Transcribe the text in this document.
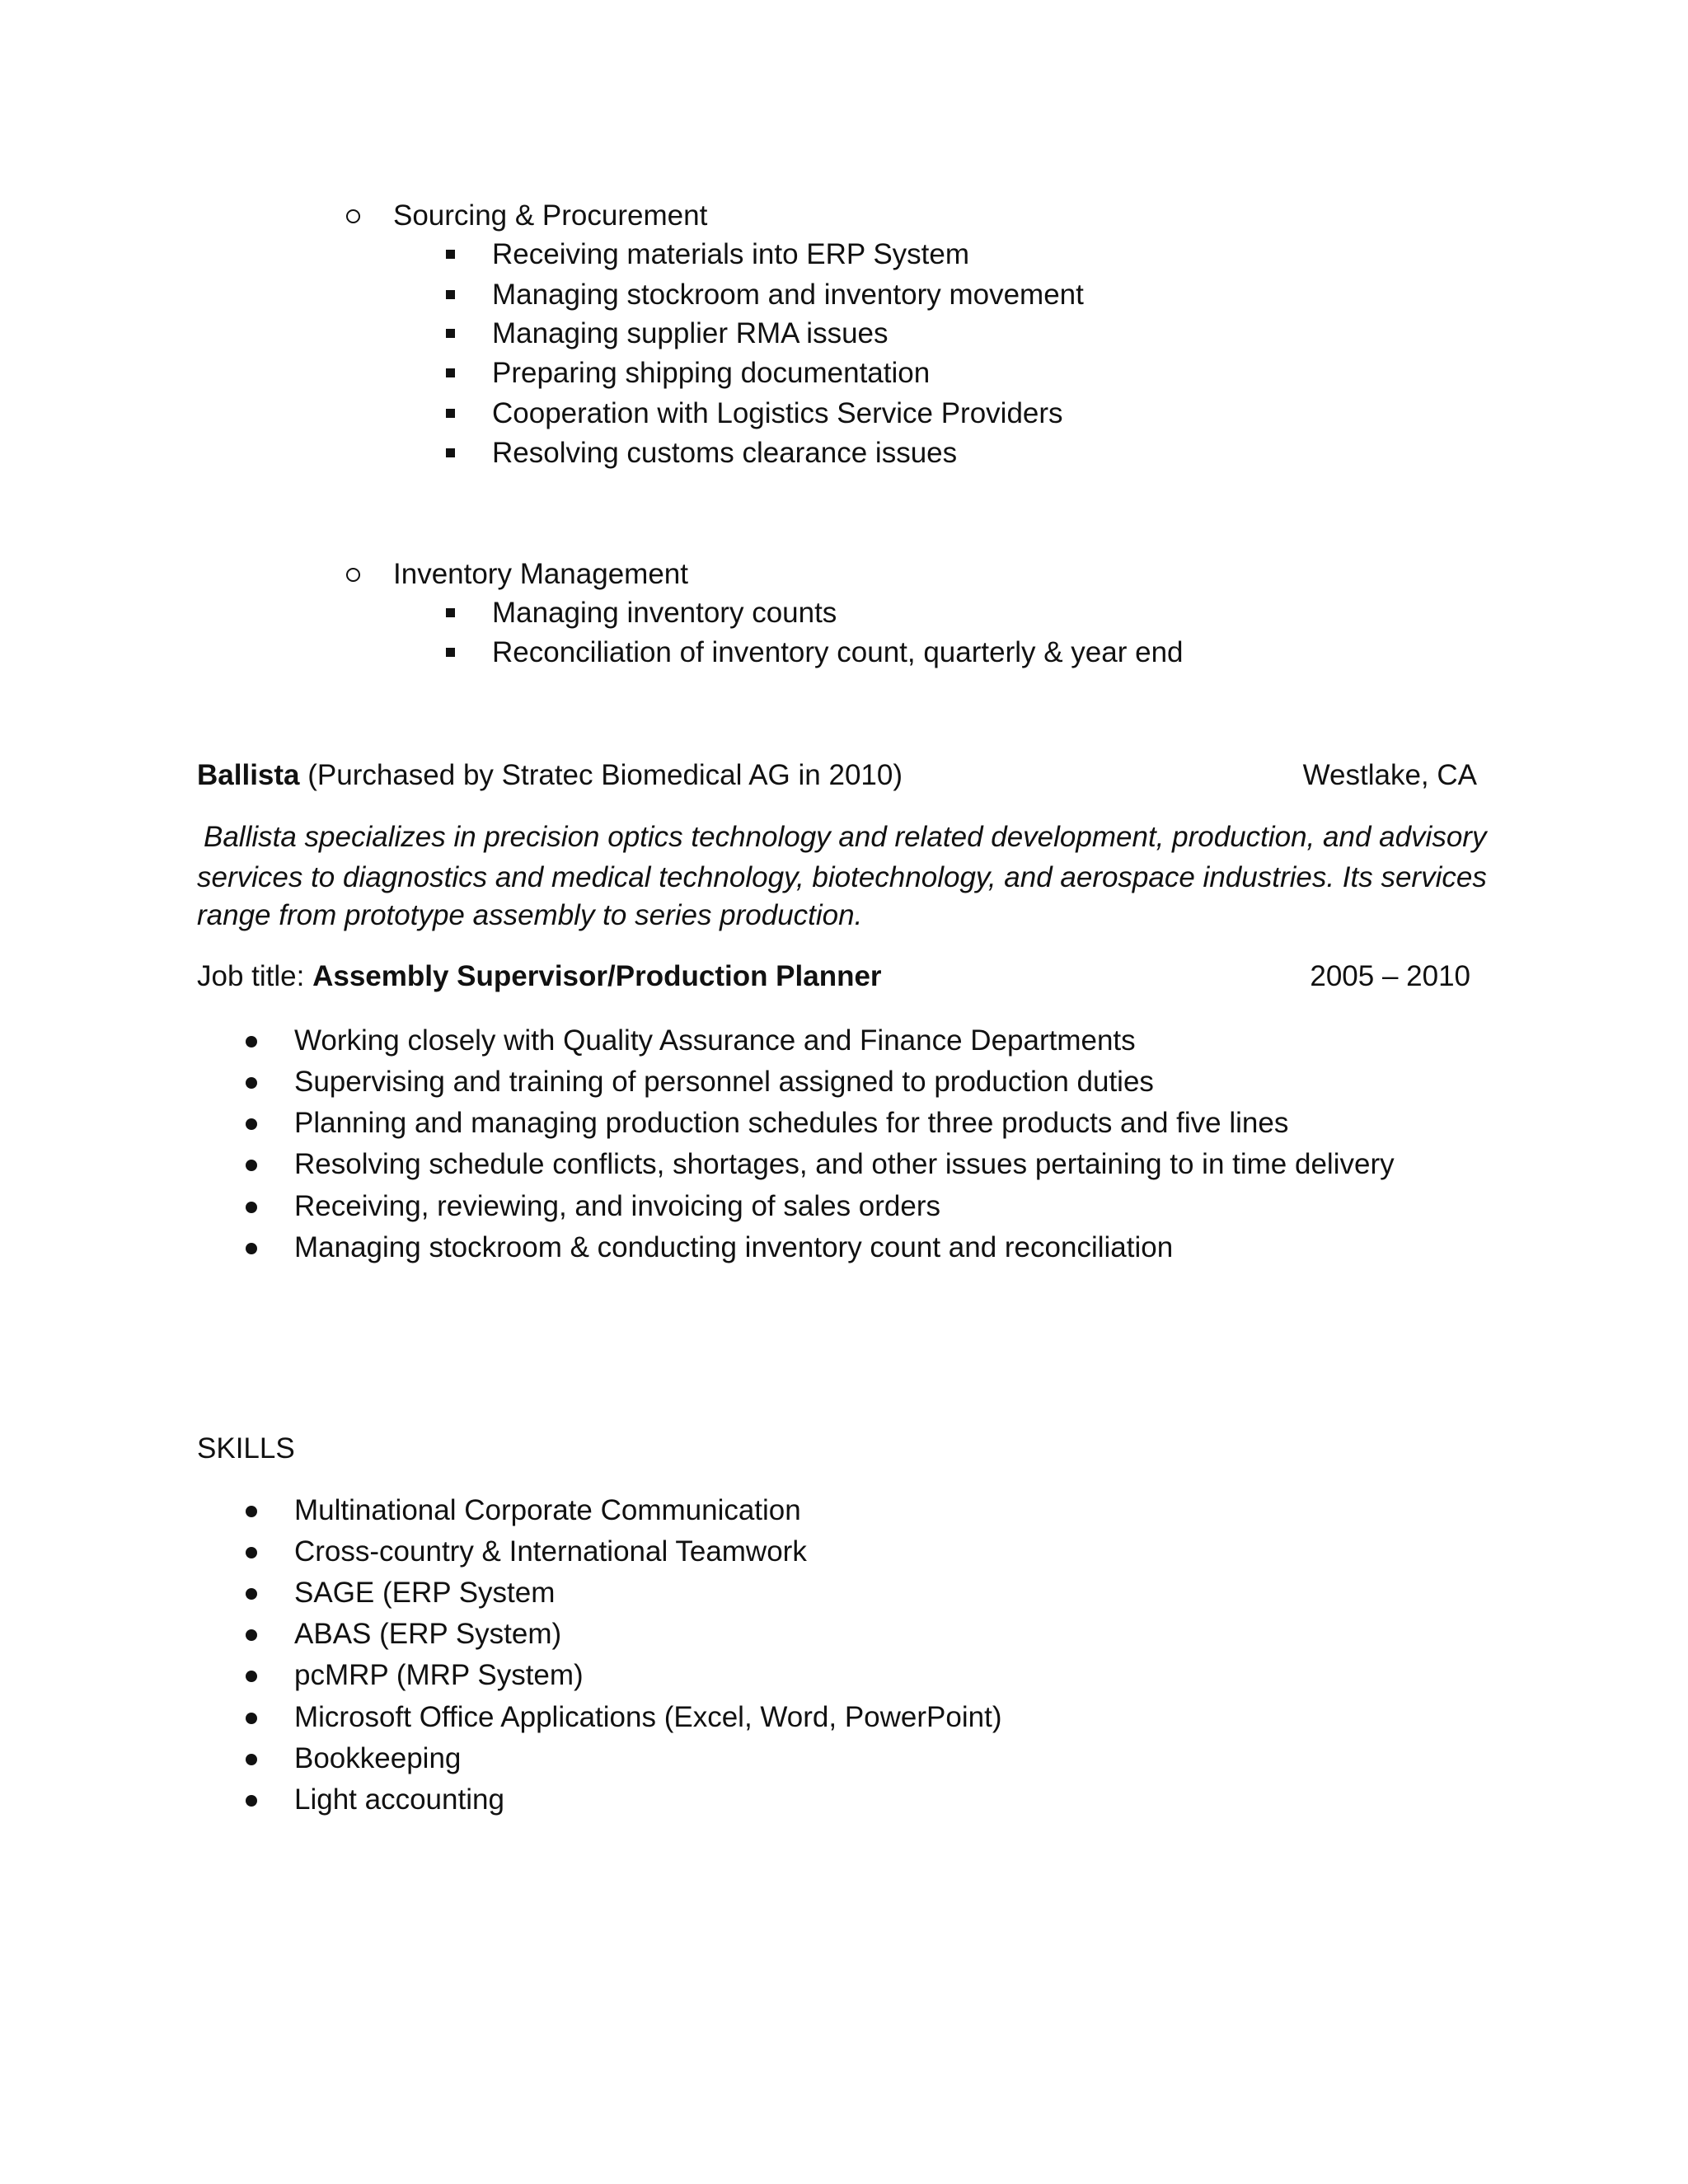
Sourcing & Procurement
Receiving materials into ERP System
Managing stockroom and inventory movement
Managing supplier RMA issues
Preparing shipping documentation
Cooperation with Logistics Service Providers
Resolving customs clearance issues
Inventory Management
Managing inventory counts
Reconciliation of inventory count, quarterly & year end
Ballista (Purchased by Stratec Biomedical AG in 2010)	Westlake, CA
Ballista specializes in precision optics technology and related development, production, and advisory
services to diagnostics and medical technology, biotechnology, and aerospace industries. Its services
range from prototype assembly to series production.
Job title: Assembly Supervisor/Production Planner	2005 – 2010
Working closely with Quality Assurance and Finance Departments
Supervising and training of personnel assigned to production duties
Planning and managing production schedules for three products and five lines
Resolving schedule conflicts, shortages, and other issues pertaining to in time delivery
Receiving, reviewing, and invoicing of sales orders
Managing stockroom & conducting inventory count and reconciliation
SKILLS
Multinational Corporate Communication
Cross-country & International Teamwork
SAGE (ERP System
ABAS (ERP System)
pcMRP (MRP System)
Microsoft Office Applications (Excel, Word, PowerPoint)
Bookkeeping
Light accounting
